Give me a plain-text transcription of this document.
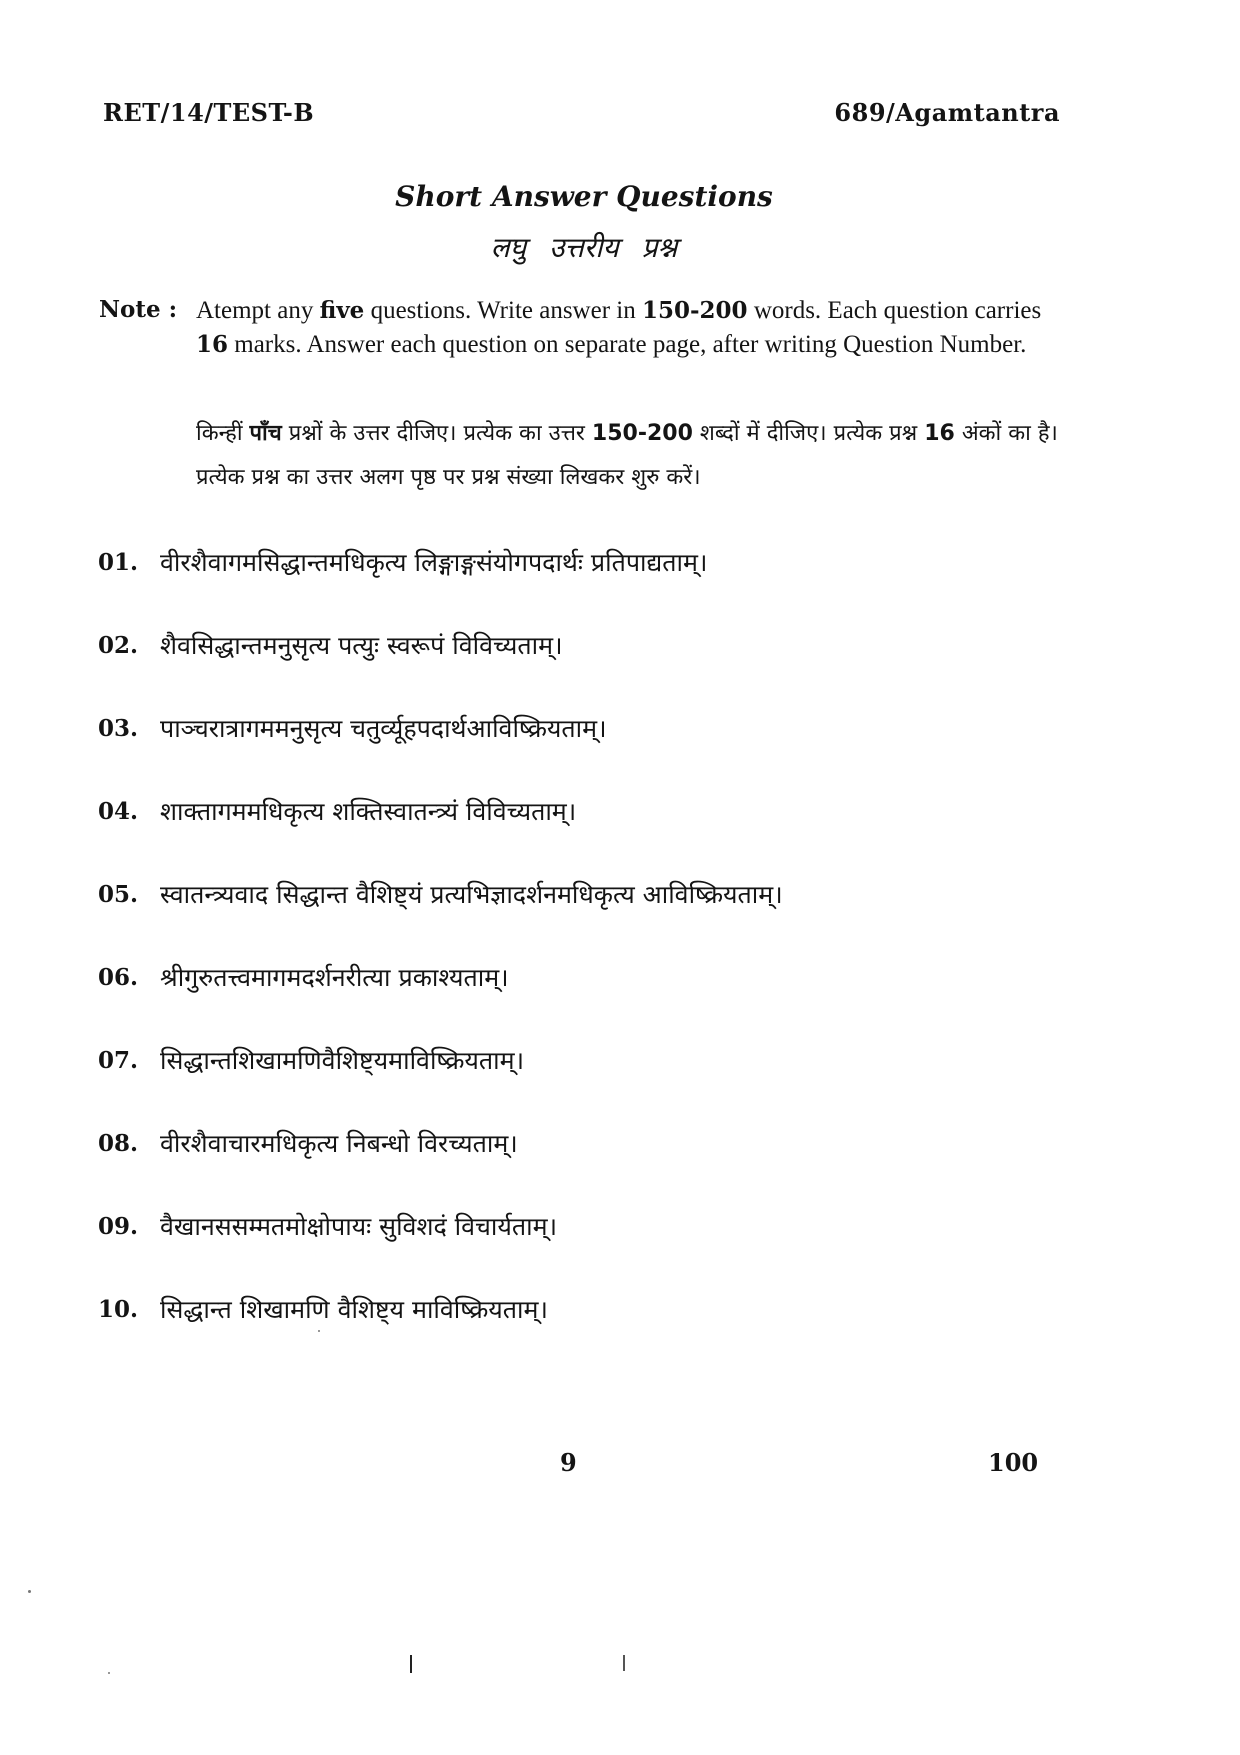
RET/14/TEST-B	689/Agamtantra
Short Answer Questions
लघु उत्तरीय प्रश्न
Note : Atempt any five questions. Write answer in 150-200 words. Each question carries 16 marks. Answer each question on separate page, after writing Question Number.
किन्हीं पाँच प्रश्नों के उत्तर दीजिए। प्रत्येक का उत्तर 150-200 शब्दों में दीजिए। प्रत्येक प्रश्न 16 अंकों का है। प्रत्येक प्रश्न का उत्तर अलग पृष्ठ पर प्रश्न संख्या लिखकर शुरु करें।
01. वीरशैवागमसिद्धान्तमधिकृत्य लिङ्गाङ्गसंयोगपदार्थः प्रतिपाद्यताम्।
02. शैवसिद्धान्तमनुसृत्य पत्युः स्वरूपं विविच्यताम्।
03. पाञ्चरात्रागममनुसृत्य चतुर्व्यूहपदार्थआविष्क्रियताम्।
04. शाक्तागममधिकृत्य शक्तिस्वातन्त्र्यं विविच्यताम्।
05. स्वातन्त्र्यवाद सिद्धान्त वैशिष्ट्यं प्रत्यभिज्ञादर्शनमधिकृत्य आविष्क्रियताम्।
06. श्रीगुरुतत्त्वमागमदर्शनरीत्या प्रकाश्यताम्।
07. सिद्धान्तशिखामणिवैशिष्ट्यमाविष्क्रियताम्।
08. वीरशैवाचारमधिकृत्य निबन्धो विरच्यताम्।
09. वैखानससम्मतमोक्षोपायः सुविशदं विचार्यताम्।
10. सिद्धान्त शिखामणि वैशिष्ट्य माविष्क्रियताम्।
9	100
